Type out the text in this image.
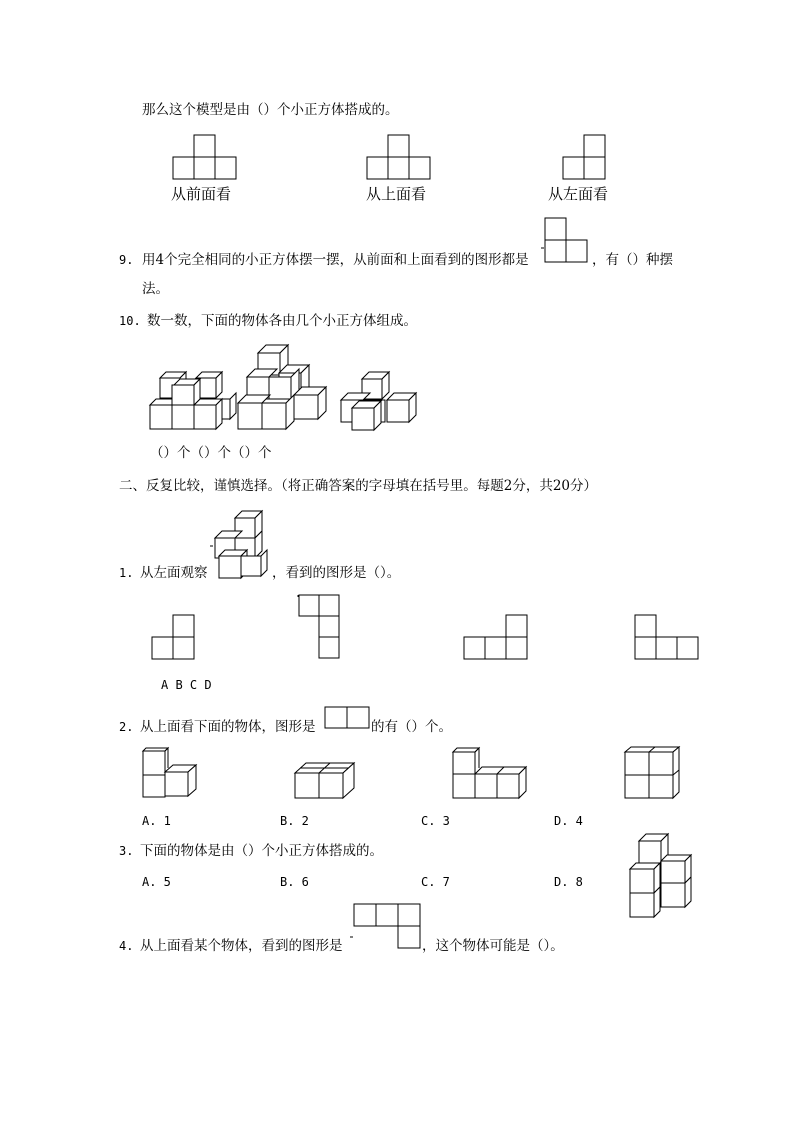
那么这个模型是由（）个小正方体搭成的。
从前面看	从上面看	从左面看
9. 用4个完全相同的小正方体摆一摆，从前面和上面看到的图形都是	，有（）种摆
法。
10. 数一数，下面的物体各由几个小正方体组成。
（）个（）个（）个
二、反复比较，谨慎选择。（将正确答案的字母填在括号里。每题2分，共20分）
1. 从左面观察	，看到的图形是（）。
A B C D
2. 从上面看下面的物体，图形是	的有（）个。
A. 1	B. 2	C. 3	D. 4
3. 下面的物体是由（）个小正方体搭成的。
A. 5	B. 6	C. 7	D. 8
4. 从上面看某个物体，看到的图形是	，这个物体可能是（）。
